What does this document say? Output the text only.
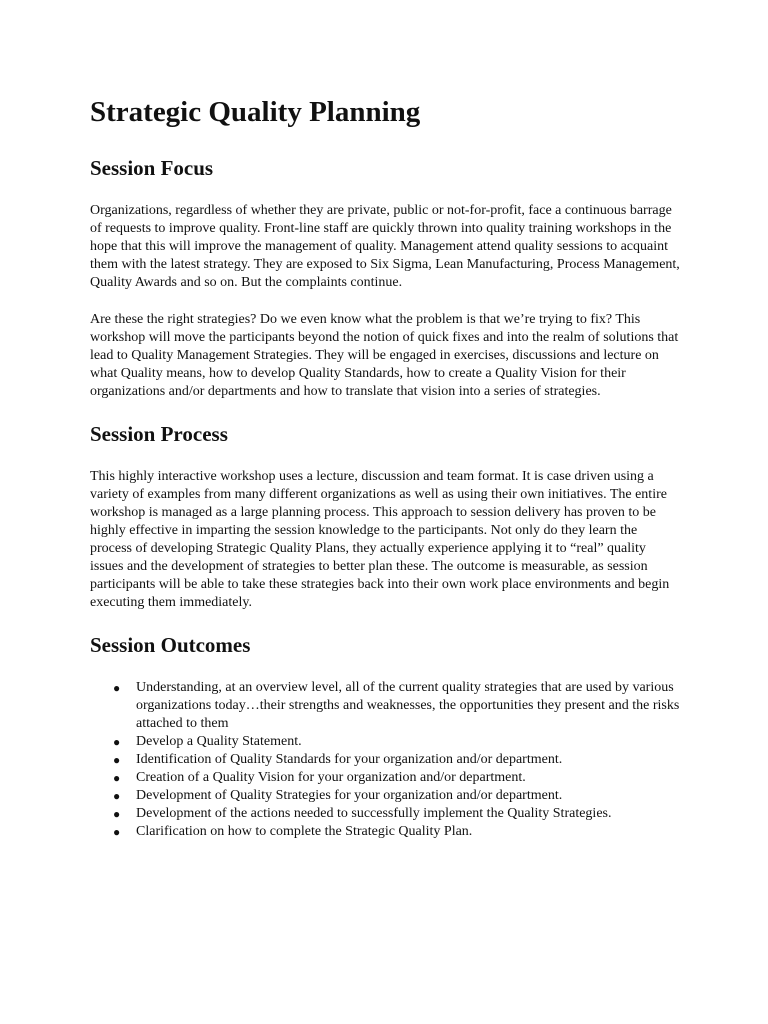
Strategic Quality Planning
Session Focus

Organizations, regardless of whether they are private, public or not-for-profit, face a continuous barrage of requests to improve quality. Front-line staff are quickly thrown into quality training workshops in the hope that this will improve the management of quality. Management attend quality sessions to acquaint them with the latest strategy. They are exposed to Six Sigma, Lean Manufacturing, Process Management, Quality Awards and so on. But the complaints continue.

Are these the right strategies? Do we even know what the problem is that we’re trying to fix? This workshop will move the participants beyond the notion of quick fixes and into the realm of solutions that lead to Quality Management Strategies. They will be engaged in exercises, discussions and lecture on what Quality means, how to develop Quality Standards, how to create a Quality Vision for their organizations and/or departments and how to translate that vision into a series of strategies.

Session Process

This highly interactive workshop uses a lecture, discussion and team format. It is case driven using a variety of examples from many different organizations as well as using their own initiatives. The entire workshop is managed as a large planning process. This approach to session delivery has proven to be highly effective in imparting the session knowledge to the participants. Not only do they learn the process of developing Strategic Quality Plans, they actually experience applying it to “real” quality issues and the development of strategies to better plan these. The outcome is measurable, as session participants will be able to take these strategies back into their own work place environments and begin executing them immediately.

Session Outcomes
● Understanding, at an overview level, all of the current quality strategies that are used by various organizations today…their strengths and weaknesses, the opportunities they present and the risks attached to them
● Develop a Quality Statement.
● Identification of Quality Standards for your organization and/or department.
● Creation of a Quality Vision for your organization and/or department.
● Development of Quality Strategies for your organization and/or department.
● Development of the actions needed to successfully implement the Quality Strategies.
● Clarification on how to complete the Strategic Quality Plan.
